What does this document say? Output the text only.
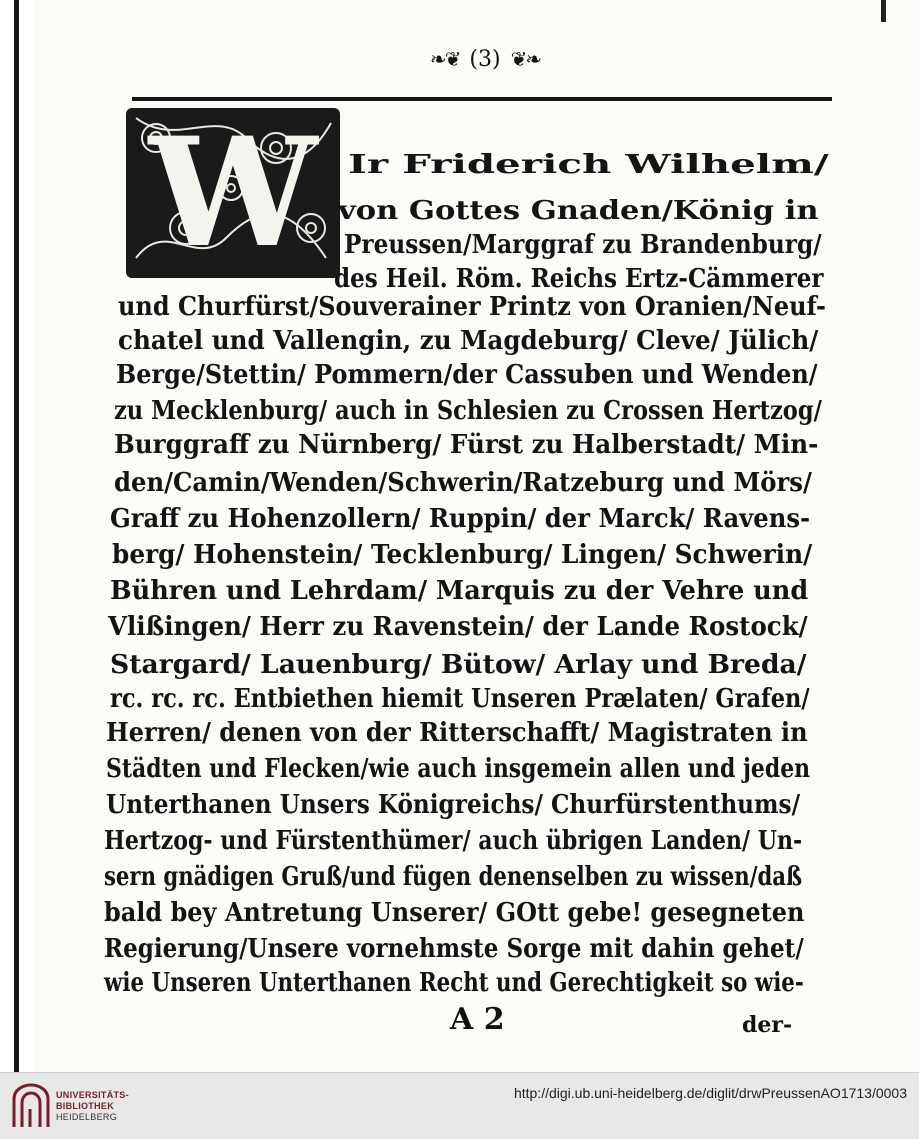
❧❦ (3) ❦❧
W Ir Friderich Wilhelm/
von Gottes Gnaden/König in
Preussen/Marggraf zu Brandenburg/
des Heil. Röm. Reichs Ertz-Cämmerer
und Churfürst/Souverainer Printz von Oranien/Neuf-
chatel und Vallengin, zu Magdeburg/ Cleve/ Jülich/
Berge/Stettin/ Pommern/der Cassuben und Wenden/
zu Mecklenburg/ auch in Schlesien zu Crossen Hertzog/
Burggraff zu Nürnberg/ Fürst zu Halberstadt/ Min-
den/Camin/Wenden/Schwerin/Ratzeburg und Mörs/
Graff zu Hohenzollern/ Ruppin/ der Marck/ Ravens-
berg/ Hohenstein/ Tecklenburg/ Lingen/ Schwerin/
Bühren und Lehrdam/ Marquis zu der Vehre und
Vlißingen/ Herr zu Ravenstein/ der Lande Rostock/
Stargard/ Lauenburg/ Bütow/ Arlay und Breda/
rc. rc. rc. Entbiethen hiemit Unseren Prælaten/ Grafen/
Herren/ denen von der Ritterschafft/ Magistraten in
Städten und Flecken/wie auch insgemein allen und jeden
Unterthanen Unsers Königreichs/ Churfürstenthums/
Hertzog- und Fürstenthümer/ auch übrigen Landen/ Un-
sern gnädigen Gruß/und fügen denenselben zu wissen/daß
bald bey Antretung Unserer/ GOtt gebe! gesegneten
Regierung/Unsere vornehmste Sorge mit dahin gehet/
wie Unseren Unterthanen Recht und Gerechtigkeit so wie-
A 2	der-
UNIVERSITÄTS-
BIBLIOTHEK
HEIDELBERG
http://digi.ub.uni-heidelberg.de/diglit/drwPreussenAO1713/0003
